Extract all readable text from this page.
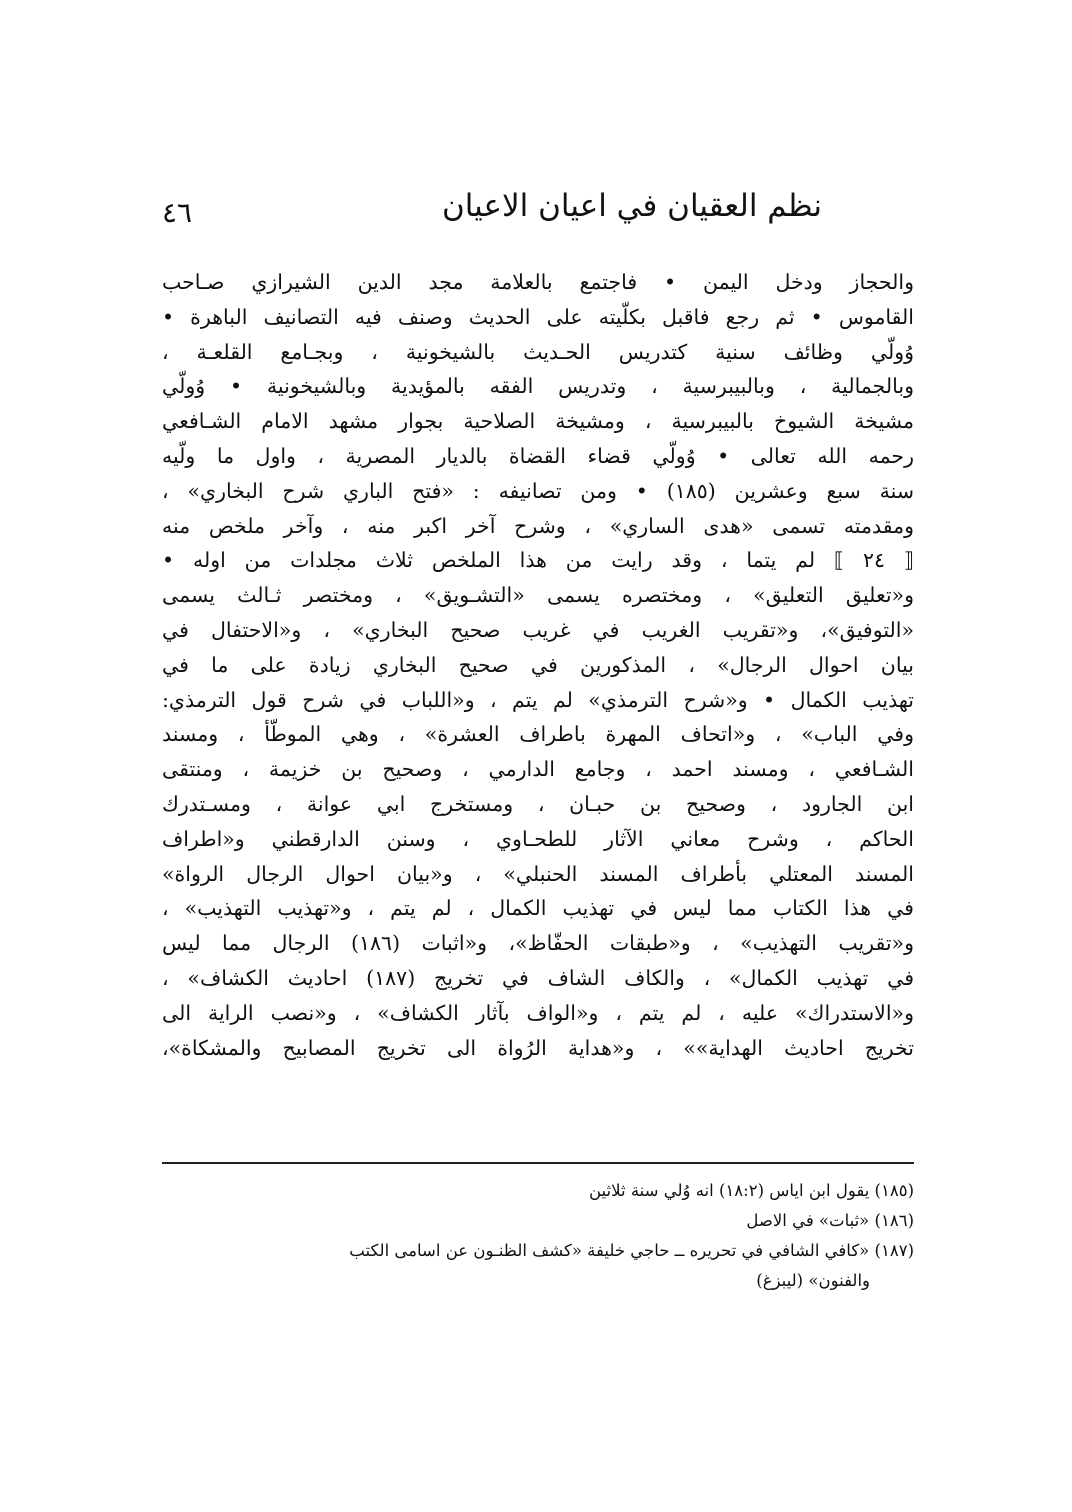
٤٦	نظم العقيان في اعيان الاعيان
والحجاز ودخل اليمن • فاجتمع بالعلامة مجد الدين الشيرازي صـاحب
القاموس • ثم رجع فاقبل بكلّيته على الحديث وصنف فيه التصانيف الباهرة •
وُولّي وظائف سنية كتدريس الحـديث بالشيخونية ، وبجـامع القلعـة ،
وبالجمالية ، وبالبيبرسية ، وتدريس الفقه بالمؤيدية وبالشيخونية • وُولّي
مشيخة الشيوخ بالبيبرسية ، ومشيخة الصلاحية بجوار مشهد الامام الشـافعي
رحمه الله تعالى • وُولّي قضاء القضاة بالديار المصرية ، واول ما ولّيه
سنة سبع وعشرين (١٨٥) • ومن تصانيفه : «فتح الباري شرح البخاري» ،
ومقدمته تسمى «هدى الساري» ، وشرح آخر اكبر منه ، وآخر ملخص منه
⟦ ٢٤ ⟧ لم يتما ، وقد رايت من هذا الملخص ثلاث مجلدات من اوله •
و«تعليق التعليق» ، ومختصره يسمى «التشـويق» ، ومختصر ثـالث يسمى
«التوفيق»، و«تقريب الغريب في غريب صحيح البخاري» ، و«الاحتفال في
بيان احوال الرجال» ، المذكورين في صحيح البخاري زيادة على ما في
تهذيب الكمال • و«شرح الترمذي» لم يتم ، و«اللباب في شرح قول الترمذي:
وفي الباب» ، و«اتحاف المهرة باطراف العشرة» ، وهي الموطّأ ، ومسند
الشـافعي ، ومسند احمد ، وجامع الدارمي ، وصحيح بن خزيمة ، ومنتقى
ابن الجارود ، وصحيح بن حبـان ، ومستخرج ابي عوانة ، ومسـتدرك
الحاكم ، وشرح معاني الآثار للطحـاوي ، وسنن الدارقطني و«اطراف
المسند المعتلي بأطراف المسند الحنبلي» ، و«بيان احوال الرجال الرواة»
في هذا الكتاب مما ليس في تهذيب الكمال ، لم يتم ، و«تهذيب التهذيب» ،
و«تقريب التهذيب» ، و«طبقات الحفّاظ»، و«اثبات (١٨٦) الرجال مما ليس
في تهذيب الكمال» ، والكاف الشاف في تخريج (١٨٧) احاديث الكشاف» ،
و«الاستدراك» عليه ، لم يتم ، و«الواف بآثار الكشاف» ، و«نصب الراية الى
تخريج احاديث الهداية»» ، و«هداية الرُواة الى تخريج المصابيح والمشكاة»،
(١٨٥) يقول ابن اياس (١٨:٢) انه وُلي سنة ثلاثين
(١٨٦) «ثبات» في الاصل
(١٨٧) «كافي الشافي في تحريره ــ حاجي خليفة «كشف الظنـون عن اسامى الكتب
والفنون» (ليبزغ)
